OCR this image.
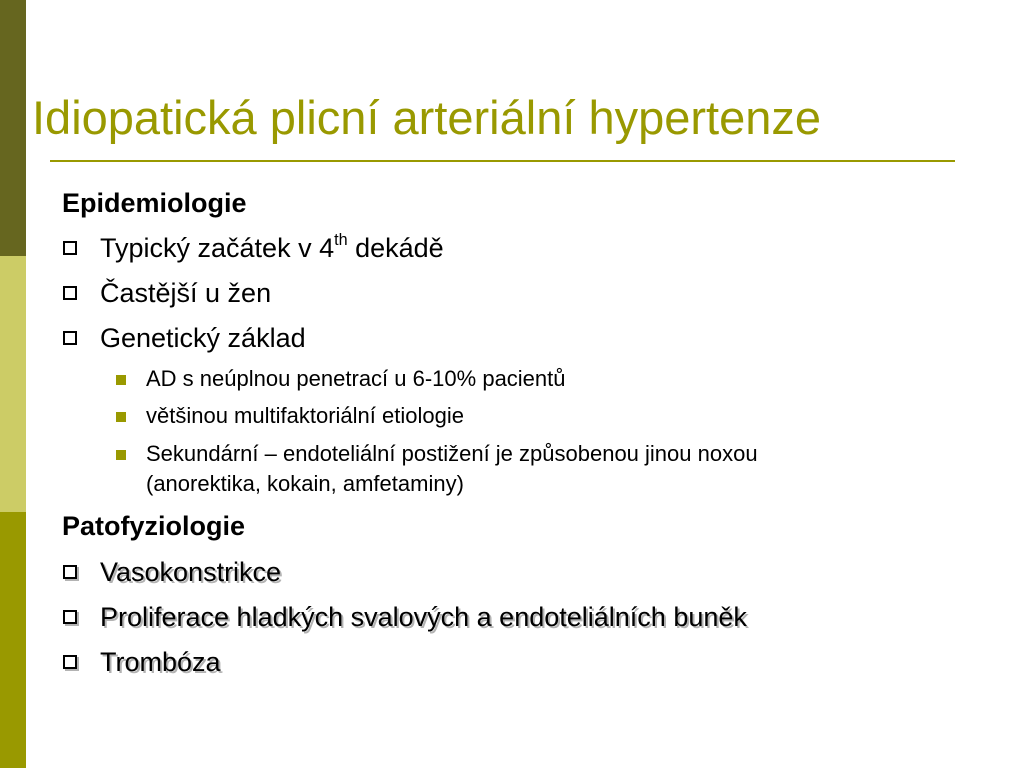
Idiopatická plicní arteriální hypertenze
Epidemiologie
Typický začátek v 4th dekádě
Častější u žen
Genetický základ
AD s neúplnou penetrací u 6-10% pacientů
většinou multifaktoriální etiologie
Sekundární – endoteliální postižení je způsobenou jinou noxou
(anorektika, kokain, amfetaminy)
Patofyziologie
Vasokonstrikce
Proliferace hladkých svalových a endoteliálních buněk
Trombóza
